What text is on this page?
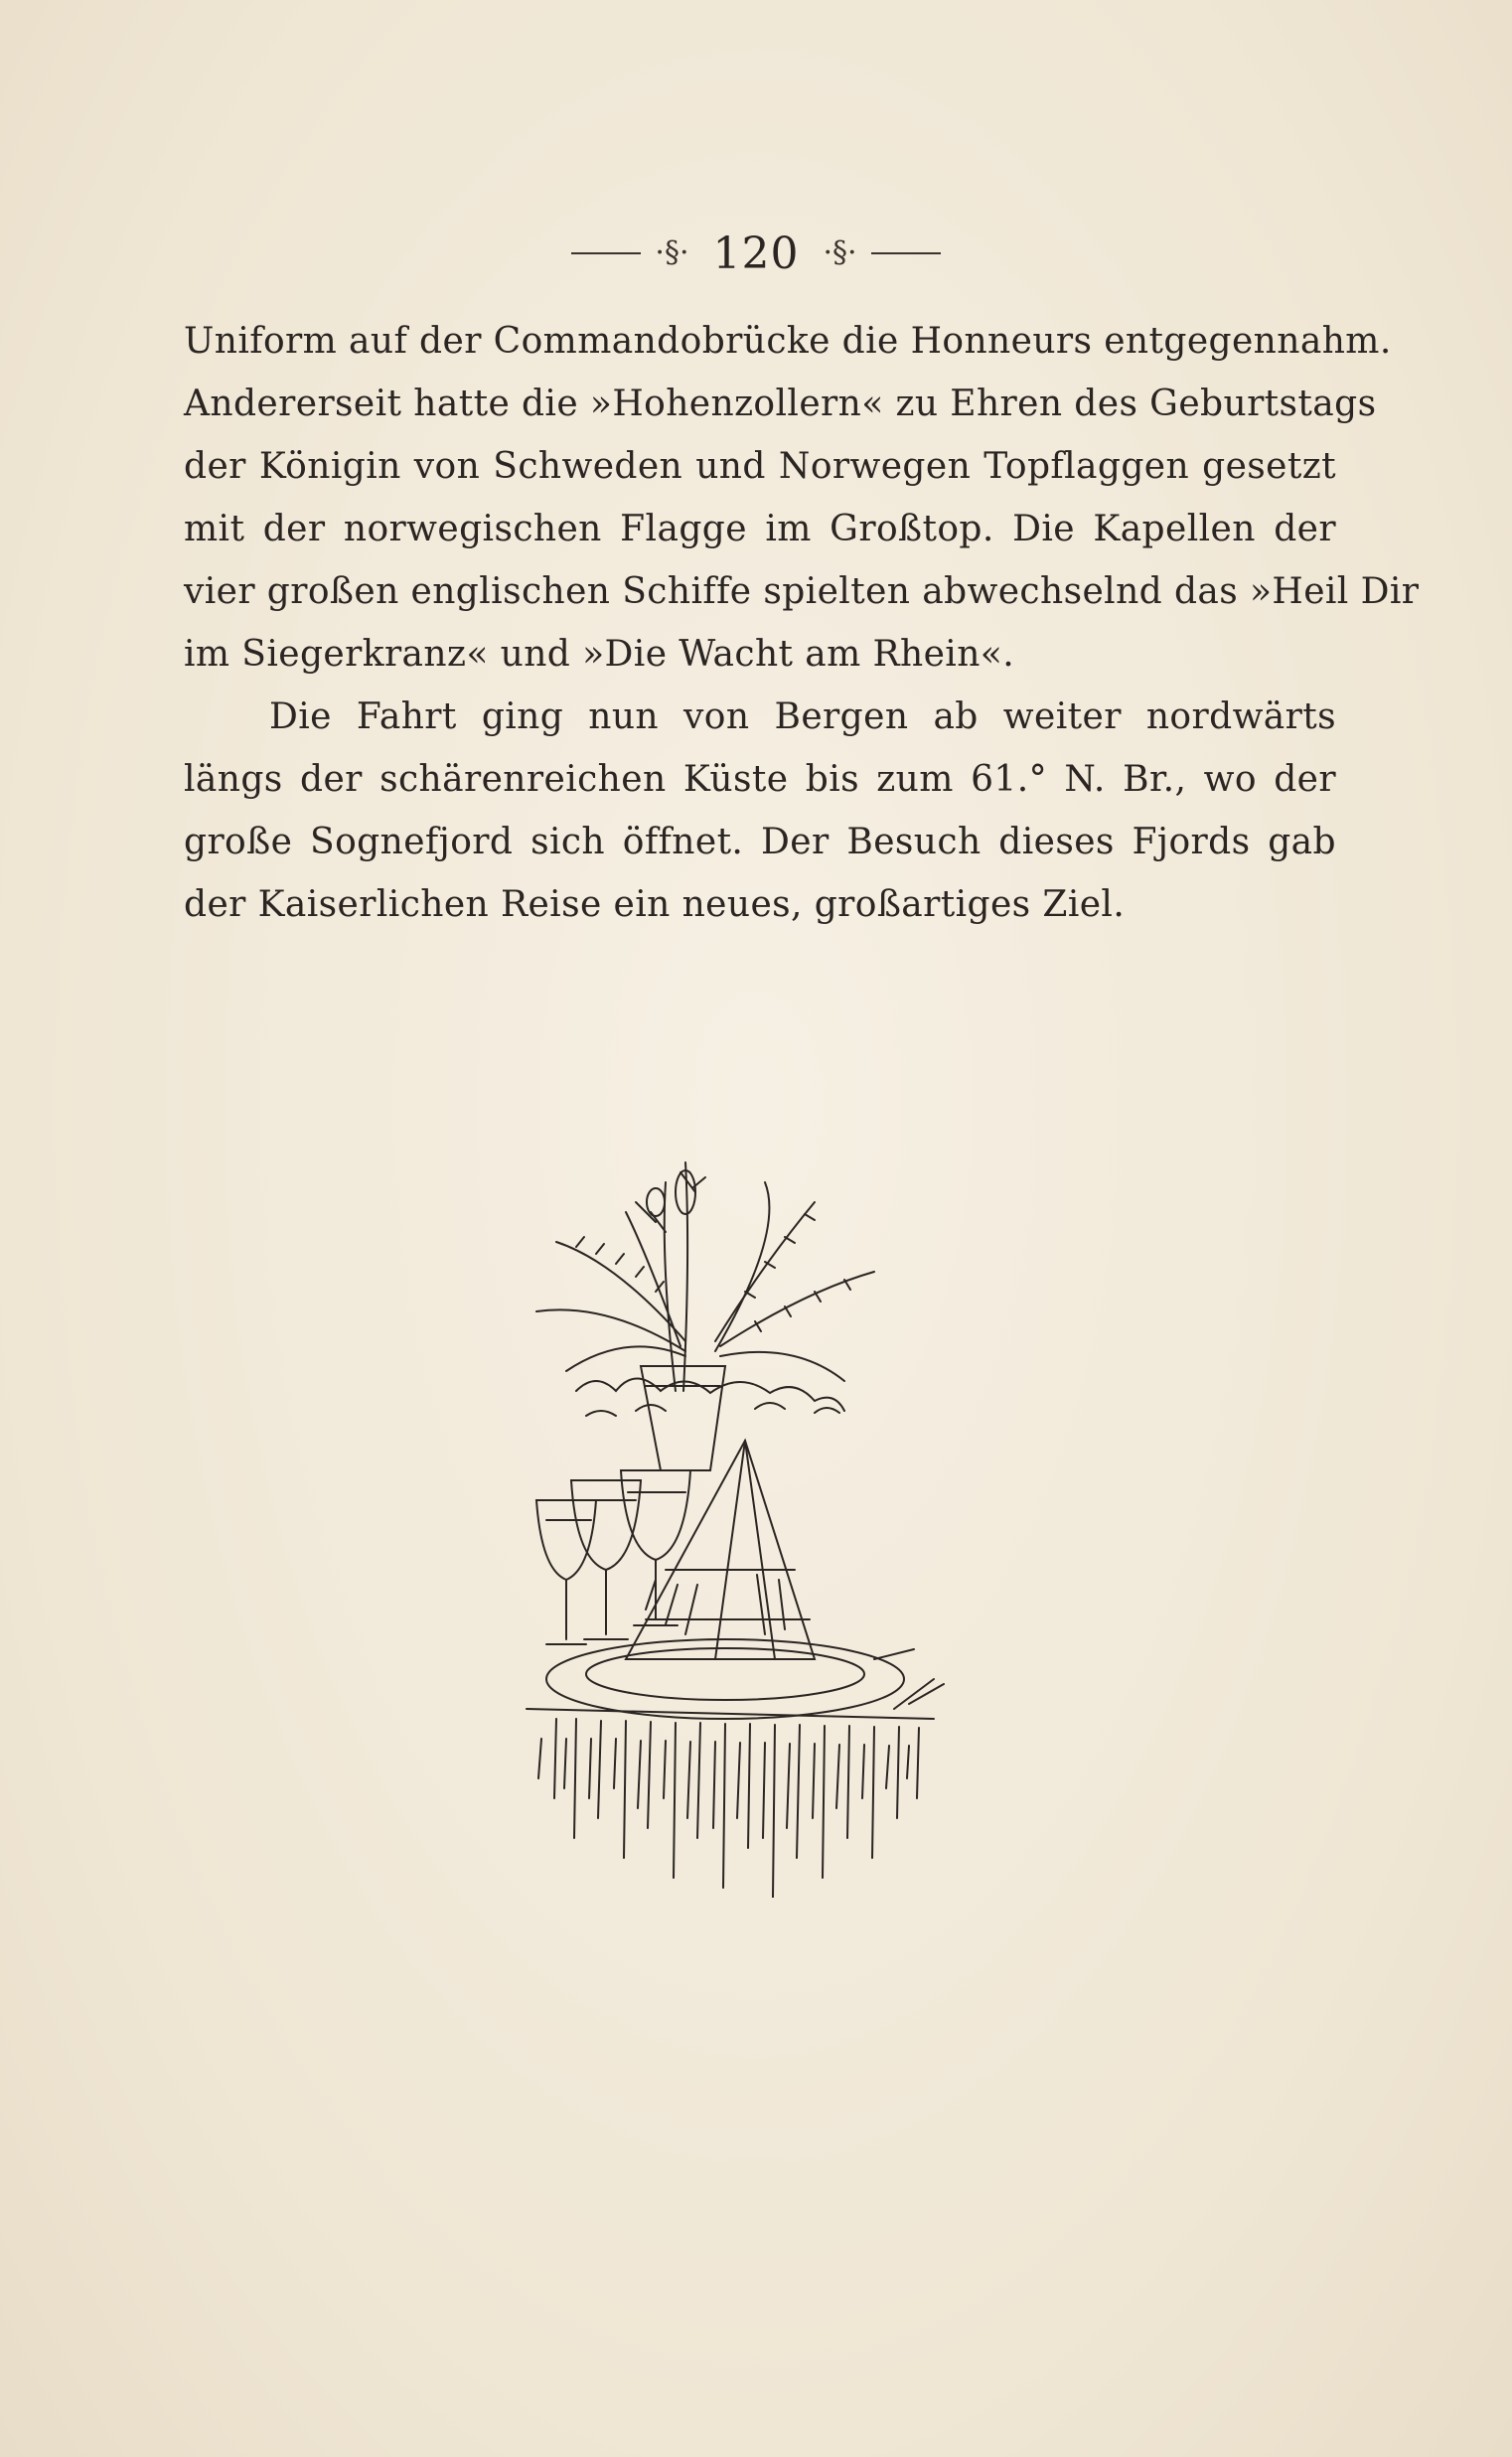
·§· 120 ·§·
Uniform auf der Commandobrücke die Honneurs entgegennahm.
Andererseit hatte die »Hohenzollern« zu Ehren des Geburtstags
der Königin von Schweden und Norwegen Topflaggen gesetzt
mit der norwegischen Flagge im Großtop. Die Kapellen der
vier großen englischen Schiffe spielten abwechselnd das »Heil Dir
im Siegerkranz« und »Die Wacht am Rhein«.
Die Fahrt ging nun von Bergen ab weiter nordwärts
längs der schärenreichen Küste bis zum 61.° N. Br., wo der
große Sognefjord sich öffnet. Der Besuch dieses Fjords gab
der Kaiserlichen Reise ein neues, großartiges Ziel.
